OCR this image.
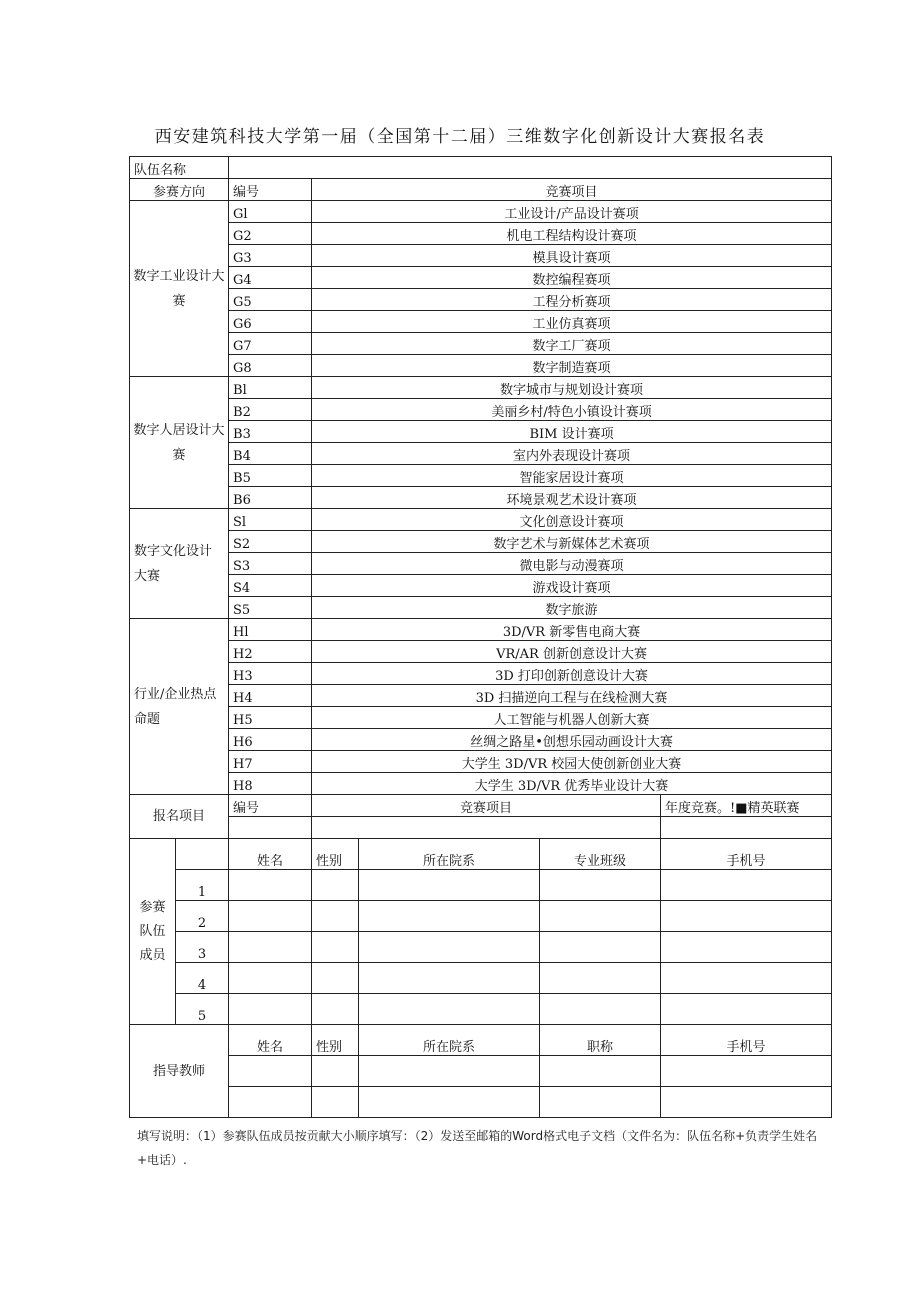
西安建筑科技大学第一届（全国第十二届）三维数字化创新设计大赛报名表
队伍名称						
参赛方向		编号	竞赛项目			
数字工业设计大赛		Gl	工业设计/产品设计赛项			
		G2	机电工程结构设计赛项			
		G3	模具设计赛项			
		G4	数控编程赛项			
		G5	工程分析赛项			
		G6	工业仿真赛项			
		G7	数字工厂赛项			
		G8	数字制造赛项			
数字人居设计大赛		Bl	数字城市与规划设计赛项			
		B2	美丽乡村/特色小镇设计赛项			
		B3	BIM 设计赛项			
		B4	室内外表现设计赛项			
		B5	智能家居设计赛项			
		B6	环境景观艺术设计赛项			
数字文化设计大赛		Sl	文化创意设计赛项			
		S2	数字艺术与新媒体艺术赛项			
		S3	微电影与动漫赛项			
		S4	游戏设计赛项			
		S5	数字旅游			
行业/企业热点命题		Hl	3D/VR 新零售电商大赛			
		H2	VR/AR 创新创意设计大赛			
		H3	3D 打印创新创意设计大赛			
		H4	3D 扫描逆向工程与在线检测大赛			
		H5	人工智能与机器人创新大赛			
		H6	丝绸之路星•创想乐园动画设计大赛			
		H7	大学生 3D/VR 校园大使创新创业大赛			
		H8	大学生 3D/VR 优秀毕业设计大赛			
报名项目		编号	竞赛项目			年度竞赛。!■精英联赛

参赛队伍成员		姓名	性别	所在院系	专业班级	手机号
	1					
	2					
	3					
	4					
	5					
指导教师		姓名	性别	所在院系	职称	手机号

填写说明：（1）参赛队伍成员按贡献大小顺序填写：（2）发送至邮箱的Word格式电子文档（文件名为：队伍名称+负责学生姓名+电话）.
